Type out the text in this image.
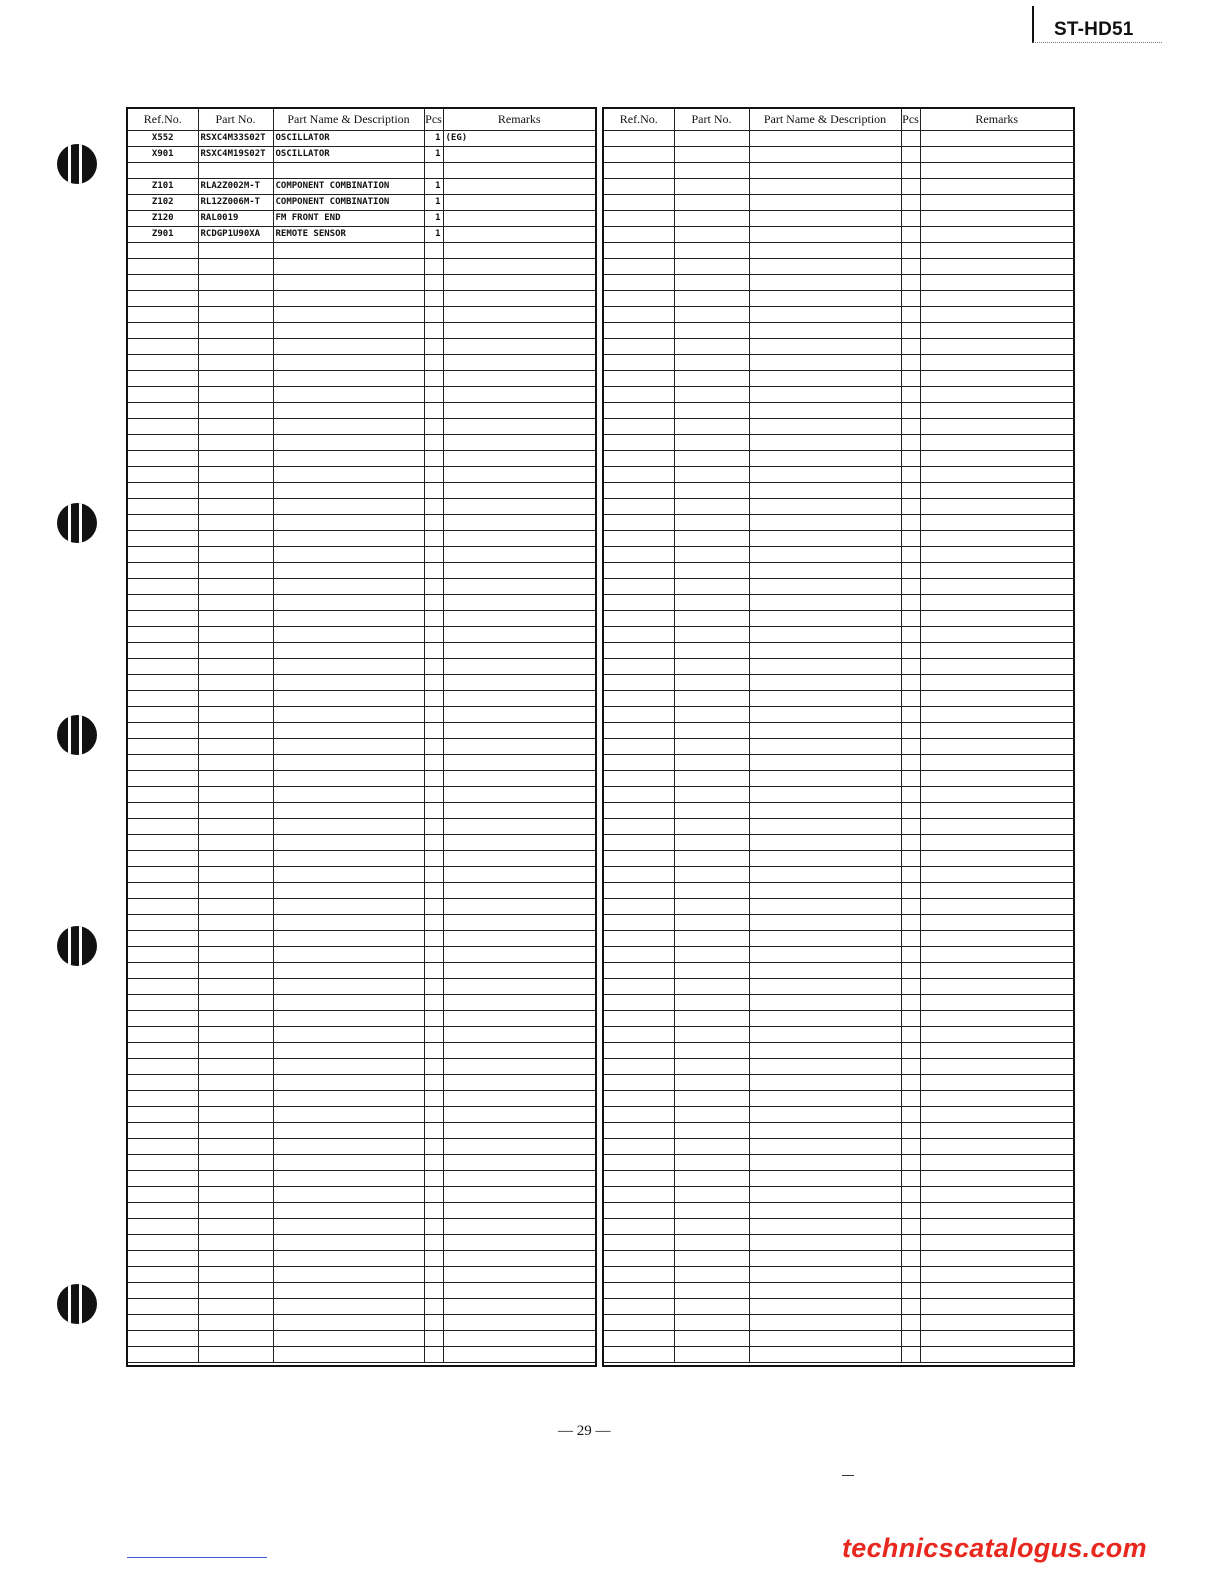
ST-HD51
Ref.No.	Part No.	Part Name & Description	Pcs	Remarks
X552	RSXC4M33S02T	OSCILLATOR	1	(EG)
X901	RSXC4M19S02T	OSCILLATOR	1	

Z101	RLA2Z002M-T	COMPONENT COMBINATION	1	
Z102	RL12Z006M-T	COMPONENT COMBINATION	1	
Z120	RAL0019	FM FRONT END	1	
Z901	RCDGP1U90XA	REMOTE SENSOR	1	

Ref.No.	Part No.	Part Name & Description	Pcs	Remarks

— 29 —
technicscatalogus.com
